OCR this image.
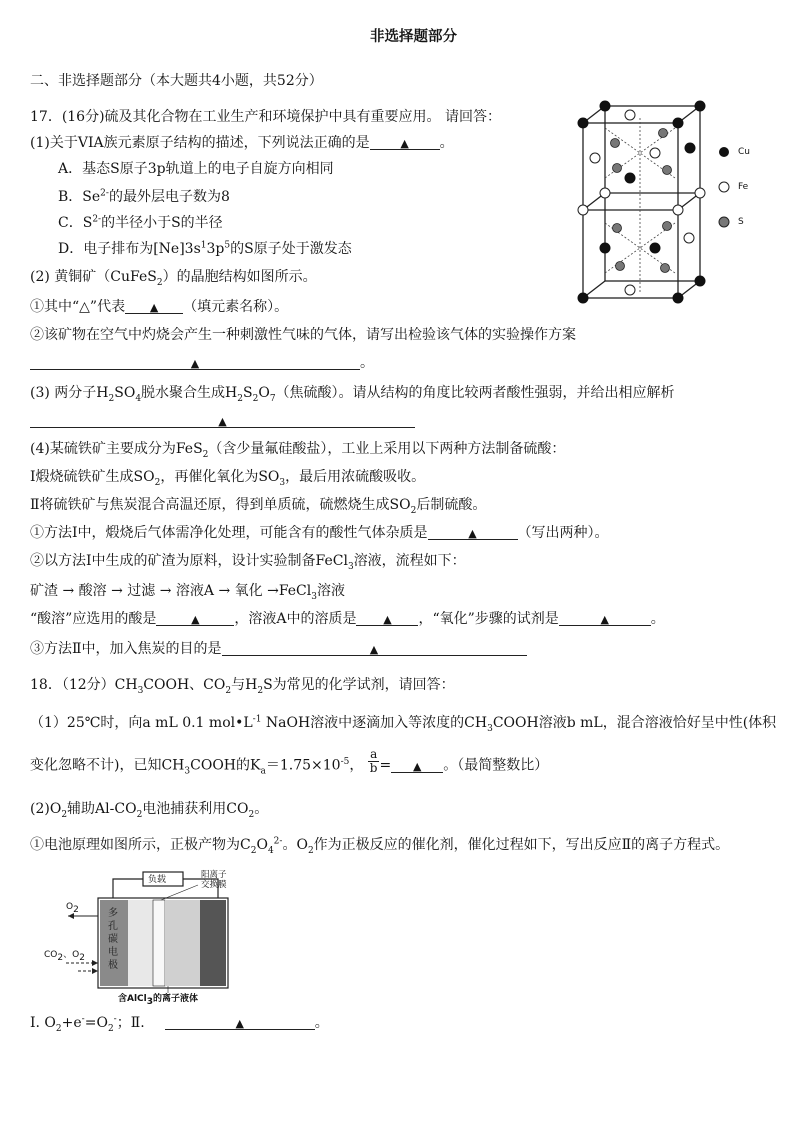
非选择题部分
二、非选择题部分（本大题共4小题，共52分）
17．(16分)硫及其化合物在工业生产和环境保护中具有重要应用。 请回答：
(1)关于VIA族元素原子结构的描述，下列说法正确的是	▲ 。
A．基态S原子3p轨道上的电子自旋方向相同
B．$Se^{2-}$的最外层电子数为8
C．$S^{2-}$的半径小于S的半径
D．电子排布为$[Ne]3s^13p^5$的S原子处于激发态
(2) 黄铜矿（CuFeS$_2$）的晶胞结构如图所示。
①其中“△”代表 ▲ （填元素名称）。
②该矿物在空气中灼烧会产生一种刺激性气味的气体，请写出检验该气体的实验操作方案
▲	。
(3) 两分子$H_2SO_4$脱水聚合生成$H_2S_2O_7$（焦硫酸）。请从结构的角度比较两者酸性强弱，并给出相应解析
▲
(4)某硫铁矿主要成分为FeS$_2$（含少量氟硅酸盐），工业上采用以下两种方法制备硫酸：
Ⅰ煅烧硫铁矿生成$SO_2$，再催化氧化为$SO_3$，最后用浓硫酸吸收。
Ⅱ将硫铁矿与焦炭混合高温还原，得到单质硫，硫燃烧生成$SO_2$后制硫酸。
①方法Ⅰ中，煅烧后气体需净化处理，可能含有的酸性气体杂质是	▲	（写出两种）。
②以方法Ⅰ中生成的矿渣为原料，设计实验制备FeCl$_3$溶液，流程如下：
矿渣 → 酸溶 → 过滤 → 溶液A → 氧化 →FeCl$_3$溶液
“酸溶”应选用的酸是	▲ ，溶液A中的溶质是 ▲ ，“氧化”步骤的试剂是	▲	。
③方法Ⅱ中，加入焦炭的目的是	▲
18．（12分）$CH_3COOH$、$CO_2$与$H_2S$为常见的化学试剂，请回答：
（1）25℃时，向a mL 0.1 $mol•L^{-1}$ NaOH溶液中逐滴加入等浓度的$CH_3COOH$溶液b mL，混合溶液恰好呈中性(体积
变化忽略不计)，已知$CH_3COOH$的$K_a=1.75\times 10^{-5}$， $\frac{a}{b}$ = ▲ 。（最简整数比）
$(2)O_2$辅助$Al-CO_2$电池捕获利用$CO_2$。
①电池原理如图所示，正极产物为$C_2O_4^{2-}$。$O_2$作为正极反应的催化剂，催化过程如下，写出反应Ⅱ的离子方程式。
Ⅰ. $O_2+e^-=O_2^-$；Ⅱ.	▲	。
Cu
Fe
S
负载	阳离子
交换膜
$O_2$
$CO_2$、$O_2$
多孔碳电极
含AlCl$_3$的离子液体
